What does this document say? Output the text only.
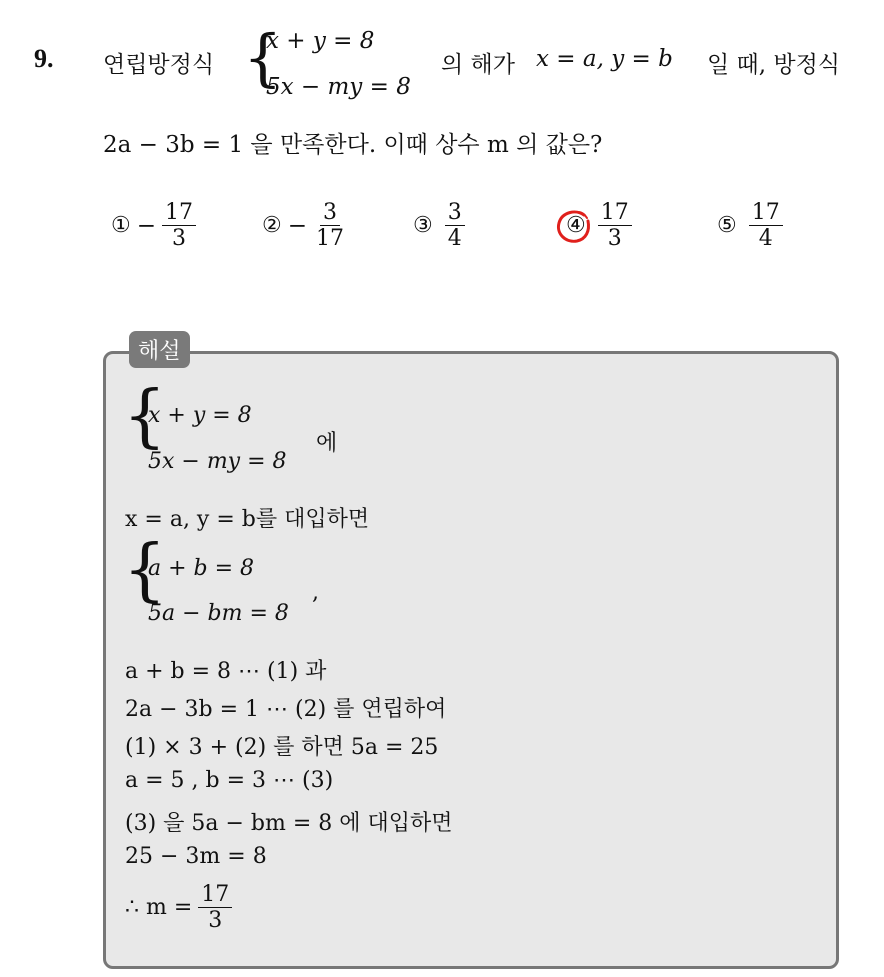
9. 연립방정식 {
x + y = 8
5x − my = 8
의 해가 x = a, y = b 일 때, 방정식
2a − 3b = 1 을 만족한다. 이때 상수 m 의 값은?
① − $\frac{17}{3}$	② − $\frac{3}{17}$	③ $\frac{3}{4}$	④ $\frac{17}{3}$	⑤ $\frac{17}{4}$
해설
{
x + y = 8
5x − my = 8
에
x = a, y = b를 대입하면
{
a + b = 8
5a − bm = 8
,
a + b = 8 ⋯ (1) 과
2a − 3b = 1 ⋯ (2) 를 연립하여
(1) × 3 + (2) 를 하면 5a = 25
a = 5 , b = 3 ⋯ (3)
(3) 을 5a − bm = 8 에 대입하면
25 − 3m = 8
∴ $m = \frac{17}{3}$
